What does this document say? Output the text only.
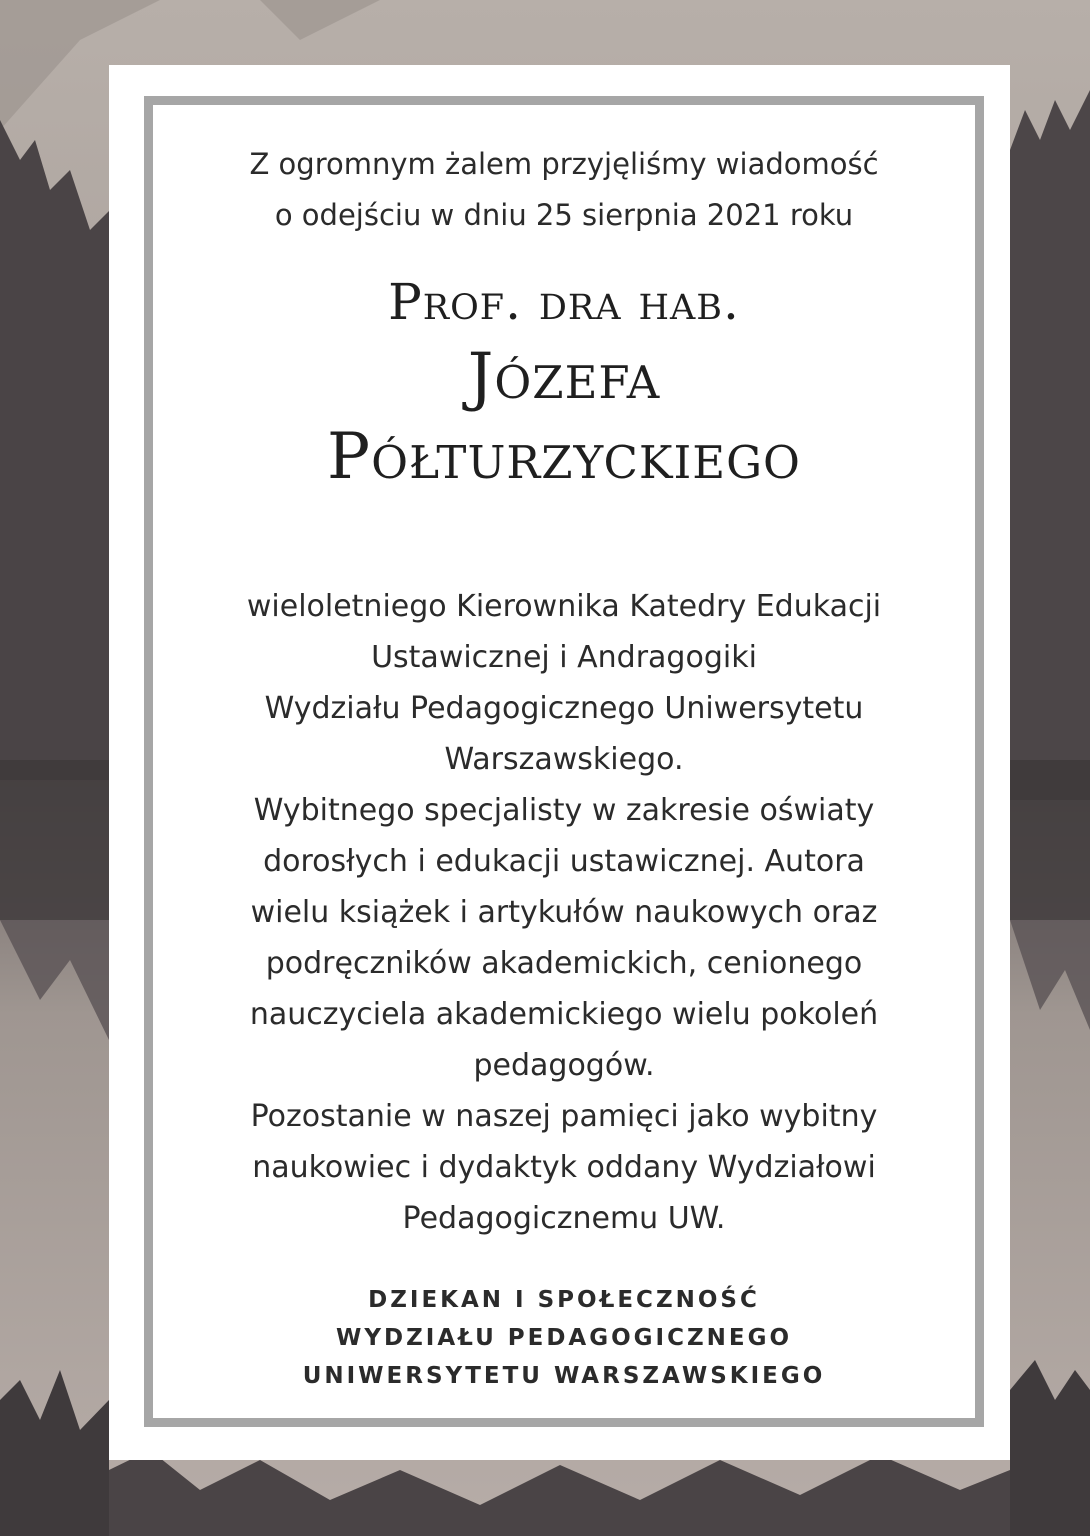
Z ogromnym żalem przyjęliśmy wiadomość
o odejściu w dniu 25 sierpnia 2021 roku
Prof. dra hab.
Józefa
Półturzyckiego
wieloletniego Kierownika Katedry Edukacji
Ustawicznej i Andragogiki
Wydziału Pedagogicznego Uniwersytetu
Warszawskiego.
Wybitnego specjalisty w zakresie oświaty
dorosłych i edukacji ustawicznej. Autora
wielu książek i artykułów naukowych oraz
podręczników akademickich, cenionego
nauczyciela akademickiego wielu pokoleń
pedagogów.
Pozostanie w naszej pamięci jako wybitny
naukowiec i dydaktyk oddany Wydziałowi
Pedagogicznemu UW.
DZIEKAN I SPOŁECZNOŚĆ
WYDZIAŁU PEDAGOGICZNEGO
UNIWERSYTETU WARSZAWSKIEGO
